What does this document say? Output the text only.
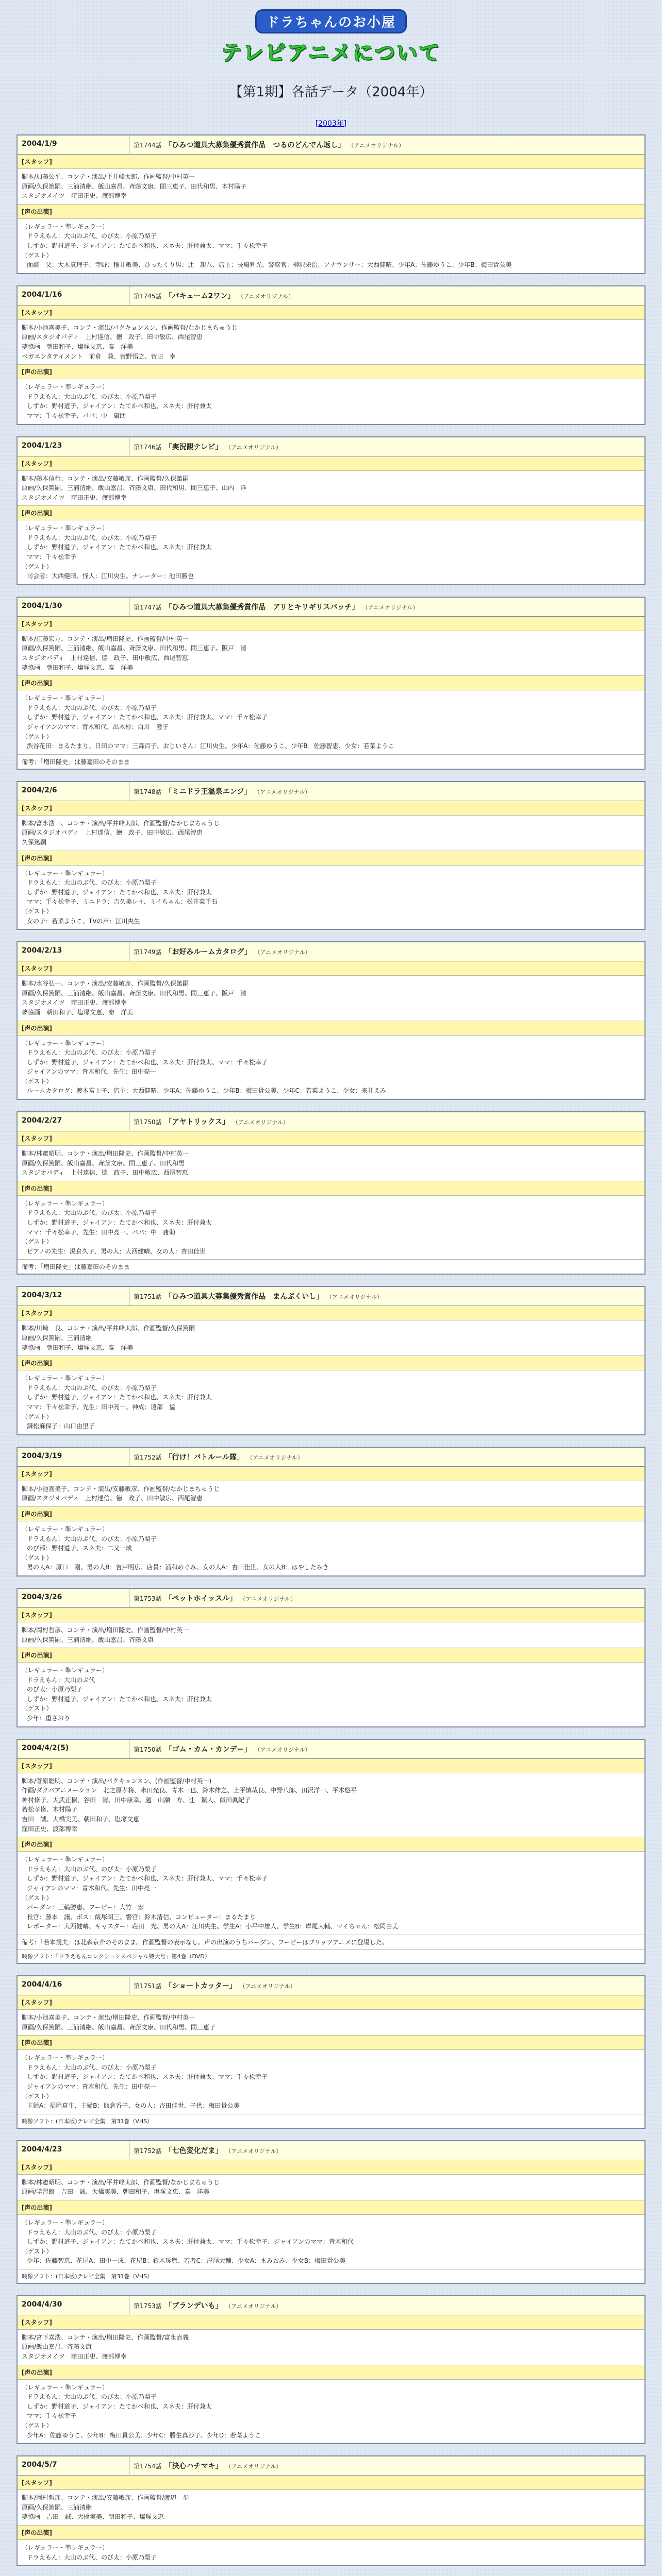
ドラちゃんのお小屋
テレビアニメについて
【第1期】各話データ（2004年）
[2003年]
2004/1/9	第1744話 「ひみつ道具大募集優秀賞作品　つるのどんでん返し」 （アニメオリジナル）
[スタッフ]
脚本/加藤公平、コンテ・演出/平井峰太郎、作画監督/中村英一
原画/久保篤嗣、三浦清継、飯山嘉昌、斉藤文康、間三恵子、田代和男、木村陽子
スタジオメイツ　窪田正史、渡部博幸
[声の出演]
（レギュラー・準レギュラー）
ドラえもん：大山のぶ代、のび太：小原乃梨子
しずか：野村道子、ジャイアン：たてかべ和也、スネ夫：肝付兼太、ママ：千々松幸子
（ゲスト）
面談　父：大木真理子、寺野：稲井敏美、ひったくり男：辻　親八、店主：長嶋利光、警察官：柳沢栄治、アナウンサー：大西健晴、少年A：佐藤ゆうこ、少年B：梅田貴公美
2004/1/16	第1745話 「パキューム2ワン」 （アニメオリジナル）
[スタッフ]
脚本/小池喜美子、コンテ・演出/パクキョンスン、作画監督/なかじまちゅうじ
原画/スタジオパディ　上村達信、徳　政子、田中敏広、西尾智恵
夢協画　朝田和子、塩塚文恵、秦　洋美
ベガエンタテイメント　前倉　兼、菅野悟之、菅田　幸
[声の出演]
（レギュラー・準レギュラー）
ドラえもん：大山のぶ代、のび太：小原乃梨子
しずか：野村道子、ジャイアン：たてかべ和也、スネ夫：肝付兼太
ママ：千々松幸子、パパ：中　庸助
2004/1/23	第1746話 「実況観テレビ」 （アニメオリジナル）
[スタッフ]
脚本/藤本信行、コンテ・演出/安藤敏彦、作画監督/久保篤嗣
原画/久保篤嗣、三浦清継、飯山嘉昌、斉藤文康、田代和男、間三恵子、山内　洋
スタジオメイツ　窪田正史、渡部博幸
[声の出演]
（レギュラー・準レギュラー）
ドラえもん：大山のぶ代、のび太：小原乃梨子
しずか：野村道子、ジャイアン：たてかべ和也、スネ夫：肝付兼太
ママ：千々松幸子
（ゲスト）
司会者：大西健晴、怪人：江川央生、ナレーター：池田勝也
2004/1/30	第1747話 「ひみつ道具大募集優秀賞作品　アリとキリギリスバッチ」 （アニメオリジナル）
[スタッフ]
脚本/江藤宏方、コンテ・演出/増田隆史、作画監督/中村英一
原画/久保篤嗣、三浦清継、飯山嘉昌、斉藤文康、田代和男、間三恵子、阪戸　清
スタジオパディ　上村達信、徳　政子、田中敏広、西尾智恵
夢協画　朝田和子、塩塚文恵、秦　洋美
[声の出演]
（レギュラー・準レギュラー）
ドラえもん：大山のぶ代、のび太：小原乃梨子
しずか：野村道子、ジャイアン：たてかべ和也、スネ夫：肝付兼太、ママ：千々松幸子
ジャイアンのママ：青木和代、出木杉：白川　澄子
（ゲスト）
渋谷花田：まるたまり、日田のママ：三森百子、おじいさん：江川央生、少年A：佐藤ゆうこ、少年B：佐藤智恵、少女：若菜ようこ
備考：「増田隆史」は藤嘉田のそのまま
2004/2/6	第1748話 「ミニドラ王温泉エンジ」 （アニメオリジナル）
[スタッフ]
脚本/富永浩一、コンテ・演出/平井峰太郎、作画監督/なかじまちゅうじ
原画/スタジオパディ　上村達信、徳　政子、田中敏広、西尾智恵
久保篤嗣
[声の出演]
（レギュラー・準レギュラー）
ドラえもん：大山のぶ代、のび太：小原乃梨子
しずか：野村道子、ジャイアン：たてかべ和也、スネ夫：肝付兼太
ママ：千々松幸子、ミニドラ：吉久美レイ、ミイちゃん：松井菜千石
（ゲスト）
女の子：若菜ようこ、TVの声：江川央生
2004/2/13	第1749話 「お好みルームカタログ」 （アニメオリジナル）
[スタッフ]
脚本/水谷弘一、コンテ・演出/安藤敏彦、作画監督/久保篤嗣
原画/久保篤嗣、三浦清継、飯山嘉昌、斉藤文康、田代和男、間三恵子、阪戸　清
スタジオメイツ　窪田正史、渡部博幸
夢協画　朝田和子、塩塚文恵、秦　洋美
[声の出演]
（レギュラー・準レギュラー）
ドラえもん：大山のぶ代、のび太：小原乃梨子
しずか：野村道子、ジャイアン：たてかべ和也、スネ夫：肝付兼太、ママ：千々松幸子
ジャイアンのママ：青木和代、先生：田中亮一
（ゲスト）
ルームカタログ：渡本富士子、店主：大西健晴、少年A：佐藤ゆうこ、少年B：梅田貴公美、少年C：若菜ようこ、少女：来井えみ
2004/2/27	第1750話 「アヤトリックス」 （アニメオリジナル）
[スタッフ]
脚本/林憲昭明、コンテ・演出/増田隆史、作画監督/中村英一
原画/久保篤嗣、飯山嘉昌、斉藤文康、間三恵子、田代和男
スタジオパディ　上村達信、徳　政子、田中敏広、西尾智恵
[声の出演]
（レギュラー・準レギュラー）
ドラえもん：大山のぶ代、のび太：小原乃梨子
しずか：野村道子、ジャイアン：たてかべ和也、スネ夫：肝付兼太
ママ：千々松幸子、先生：田中亮一、パパ：中　庸助
（ゲスト）
ピアノの先生：湯倉久子、男の人：大西健晴、女の人：杏田佳世
備考：「増田隆史」は藤嘉田のそのまま
2004/3/12	第1751話 「ひみつ道具大募集優秀賞作品　まんぷくいし」 （アニメオリジナル）
[スタッフ]
脚本/川崎　良、コンテ・演出/平井峰太郎、作画監督/久保篤嗣
原画/久保篤嗣、三浦清継
夢協画　朝田和子、塩塚文恵、秦　洋美
[声の出演]
（レギュラー・準レギュラー）
ドラえもん：大山のぶ代、のび太：小原乃梨子
しずか：野村道子、ジャイアン：たてかべ和也、スネ夫：肝付兼太
ママ：千々松幸子、先生：田中亮一、神成：遠部　猛
（ゲスト）
鎌松麻保子：山口由里子
2004/3/19	第1752話 「行け！バトルール隊」 （アニメオリジナル）
[スタッフ]
脚本/小池喜美子、コンテ・演出/安藤敏彦、作画監督/なかじまちゅうじ
原画/スタジオパディ　上村達信、徳　政子、田中敏広、西尾智恵
[声の出演]
（レギュラー・準レギュラー）
ドラえもん：大山のぶ代、のび太：小原乃梨子
のび部：野村道子、スネ夫：二又一成
（ゲスト）
男の人A：原口　剛、男の人B：吉戸明広、店員：浦和めぐみ、女の人A：杏田佳世、女の人B：はやしたみき
2004/3/26	第1753話 「ペットホイッスル」 （アニメオリジナル）
[スタッフ]
脚本/岡村哲彦、コンテ・演出/増田隆史、作画監督/中村英一
原画/久保篤嗣、三浦清継、飯山嘉昌、斉藤文康
[声の出演]
（レギュラー・準レギュラー）
ドラえもん：大山のぶ代
のび太：小原乃梨子
しずか：野村道子、ジャイアン：たてかべ和也、スネ夫：肝付兼太
（ゲスト）
少年：重さおり
2004/4/2(5)	第1750話 「ゴム・カム・カンデー」 （アニメオリジナル）
[スタッフ]
脚本/菅原聡明、コンテ・演出/パクキョンスン、(作画監督/中村英一)
作画/ダクバアニメーション　北之原孝将、米田光良、青木一也、鈴木伸之、上平慎哉良、中野八郎、田沢洋一、平木悠平
神村修子、大武正樹、谷田　清、田中康幸、越　山瀬　方、辻　繁人、飯田眞紀子
若松孝修、木村陽子
吉田　誠、大橋実美、朝田和子、塩塚文恵
窪田正史、渡部博幸
[声の出演]
（レギュラー・準レギュラー）
ドラえもん：大山のぶ代、のび太：小原乃梨子
しずか：野村道子、ジャイアン：たてかべ和也、スネ夫：肝付兼太、ママ：千々松幸子
ジャイアンのママ：青木和代、先生：田中亮一
（ゲスト）
バーダン：三輪勝恵、フーピー：大竹　宏
長官：藤本　譲、ボス：飯塚昭三、警官：鈴木清信、コンピューター：まるたまり
レポーター：大西健晴、キャスター：荘田　光、男の人A：江川央生、学生A：小平中雄人、学生B：岸尾大輔、マイちゃん：松岡由美
備考：「若本規夫」は北森京介のそのまま。作画監督の表示なし。声の出演のうちバーダン、フーピーはブリッツアニメに登場した。
映像ソフト：「ドラえもんコレクションスペシャル特大号」第4巻（DVD）
2004/4/16	第1751話 「ショートカッター」 （アニメオリジナル）
[スタッフ]
脚本/小池喜美子、コンテ・演出/増田隆史、作画監督/中村英一
原画/久保篤嗣、三浦清継、飯山嘉昌、斉藤文康、田代和男、間三恵子
[声の出演]
（レギュラー・準レギュラー）
ドラえもん：大山のぶ代、のび太：小原乃梨子
しずか：野村道子、ジャイアン：たてかべ和也、スネ夫：肝付兼太、ママ：千々松幸子
ジャイアンのママ：青木和代、先生：田中亮一
（ゲスト）
主婦A：福岡真生、主婦B：熊倉香子、女の人：杏田佳世、子供：梅田貴公美
映像ソフト：(日本版)テレビ全集　第31巻（VHS）
2004/4/23	第1752話 「七色変化だま」 （アニメオリジナル）
[スタッフ]
脚本/林憲昭明、コンテ・演出/平井峰太郎、作画監督/なかじまちゅうじ
原画/学習館　吉田　誠、大橋実美、朝田和子、塩塚文恵、秦　洋美
[声の出演]
（レギュラー・準レギュラー）
ドラえもん：大山のぶ代、のび太：小原乃梨子
しずか：野村道子、ジャイアン：たてかべ和也、スネ夫：肝付兼太、ママ：千々松幸子、ジャイアンのママ：青木和代
（ゲスト）
少年：佐藤智恵、花屋A：田中一成、花屋B：鈴木琢磨、若者C：岸尾大輔、少女A：まみおみ、少女B：梅田貴公美
映像ソフト：(日本版)テレビ全集　第31巻（VHS）
2004/4/30	第1753話 「ブランデいも」 （アニメオリジナル）
[スタッフ]
脚本/宮下喜浩、コンテ・演出/増田隆史、作画監督/富永貞義
原画/飯山嘉昌、斉藤文康
スタジオメイツ　窪田正史、渡部博幸
[声の出演]
（レギュラー・準レギュラー）
ドラえもん：大山のぶ代、のび太：小原乃梨子
しずか：野村道子、ジャイアン：たてかべ和也、スネ夫：肝付兼太
ママ：千々松幸子
（ゲスト）
少年A：佐藤ゆうこ、少年B：梅田貴公美、少年C：勝生真沙子、少年D：若菜ようこ
2004/5/7	第1754話 「決心ハチマキ」 （アニメオリジナル）
[スタッフ]
脚本/岡村哲彦、コンテ・演出/安藤敏彦、作画監督/渡辺　歩
原画/久保篤嗣、三浦清継
夢協画　吉田　誠、大橋実美、朝田和子、塩塚文恵
[声の出演]
（レギュラー・準レギュラー）
ドラえもん：大山のぶ代、のび太：小原乃梨子
